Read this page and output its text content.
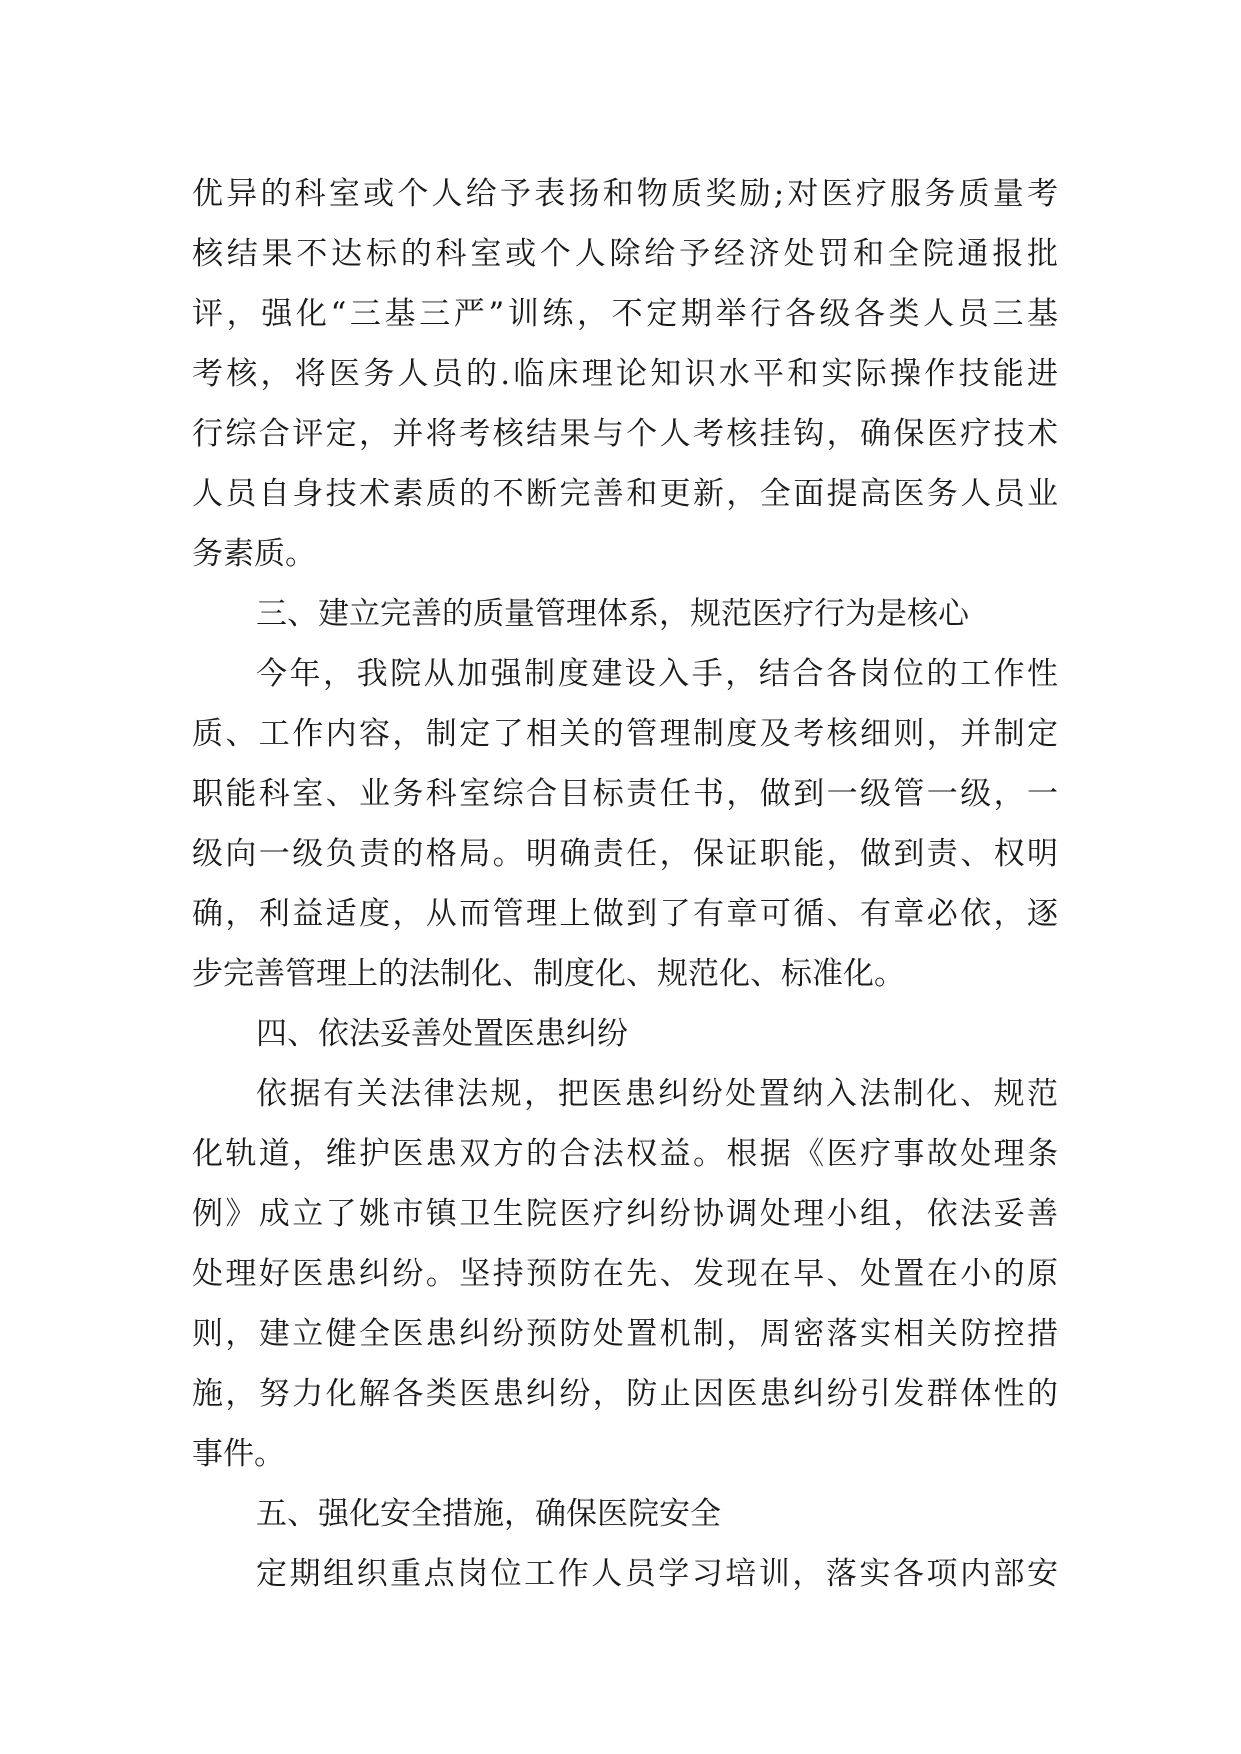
优异的科室或个人给予表扬和物质奖励;对医疗服务质量考
核结果不达标的科室或个人除给予经济处罚和全院通报批
评，强化“三基三严”训练，不定期举行各级各类人员三基
考核，将医务人员的.临床理论知识水平和实际操作技能进
行综合评定，并将考核结果与个人考核挂钩，确保医疗技术
人员自身技术素质的不断完善和更新，全面提高医务人员业
务素质。
三、建立完善的质量管理体系，规范医疗行为是核心
今年，我院从加强制度建设入手，结合各岗位的工作性
质、工作内容，制定了相关的管理制度及考核细则，并制定
职能科室、业务科室综合目标责任书，做到一级管一级，一
级向一级负责的格局。明确责任，保证职能，做到责、权明
确，利益适度，从而管理上做到了有章可循、有章必依，逐
步完善管理上的法制化、制度化、规范化、标准化。
四、依法妥善处置医患纠纷
依据有关法律法规，把医患纠纷处置纳入法制化、规范
化轨道，维护医患双方的合法权益。根据《医疗事故处理条
例》成立了姚市镇卫生院医疗纠纷协调处理小组，依法妥善
处理好医患纠纷。坚持预防在先、发现在早、处置在小的原
则，建立健全医患纠纷预防处置机制，周密落实相关防控措
施，努力化解各类医患纠纷，防止因医患纠纷引发群体性的
事件。
五、强化安全措施，确保医院安全
定期组织重点岗位工作人员学习培训，落实各项内部安
